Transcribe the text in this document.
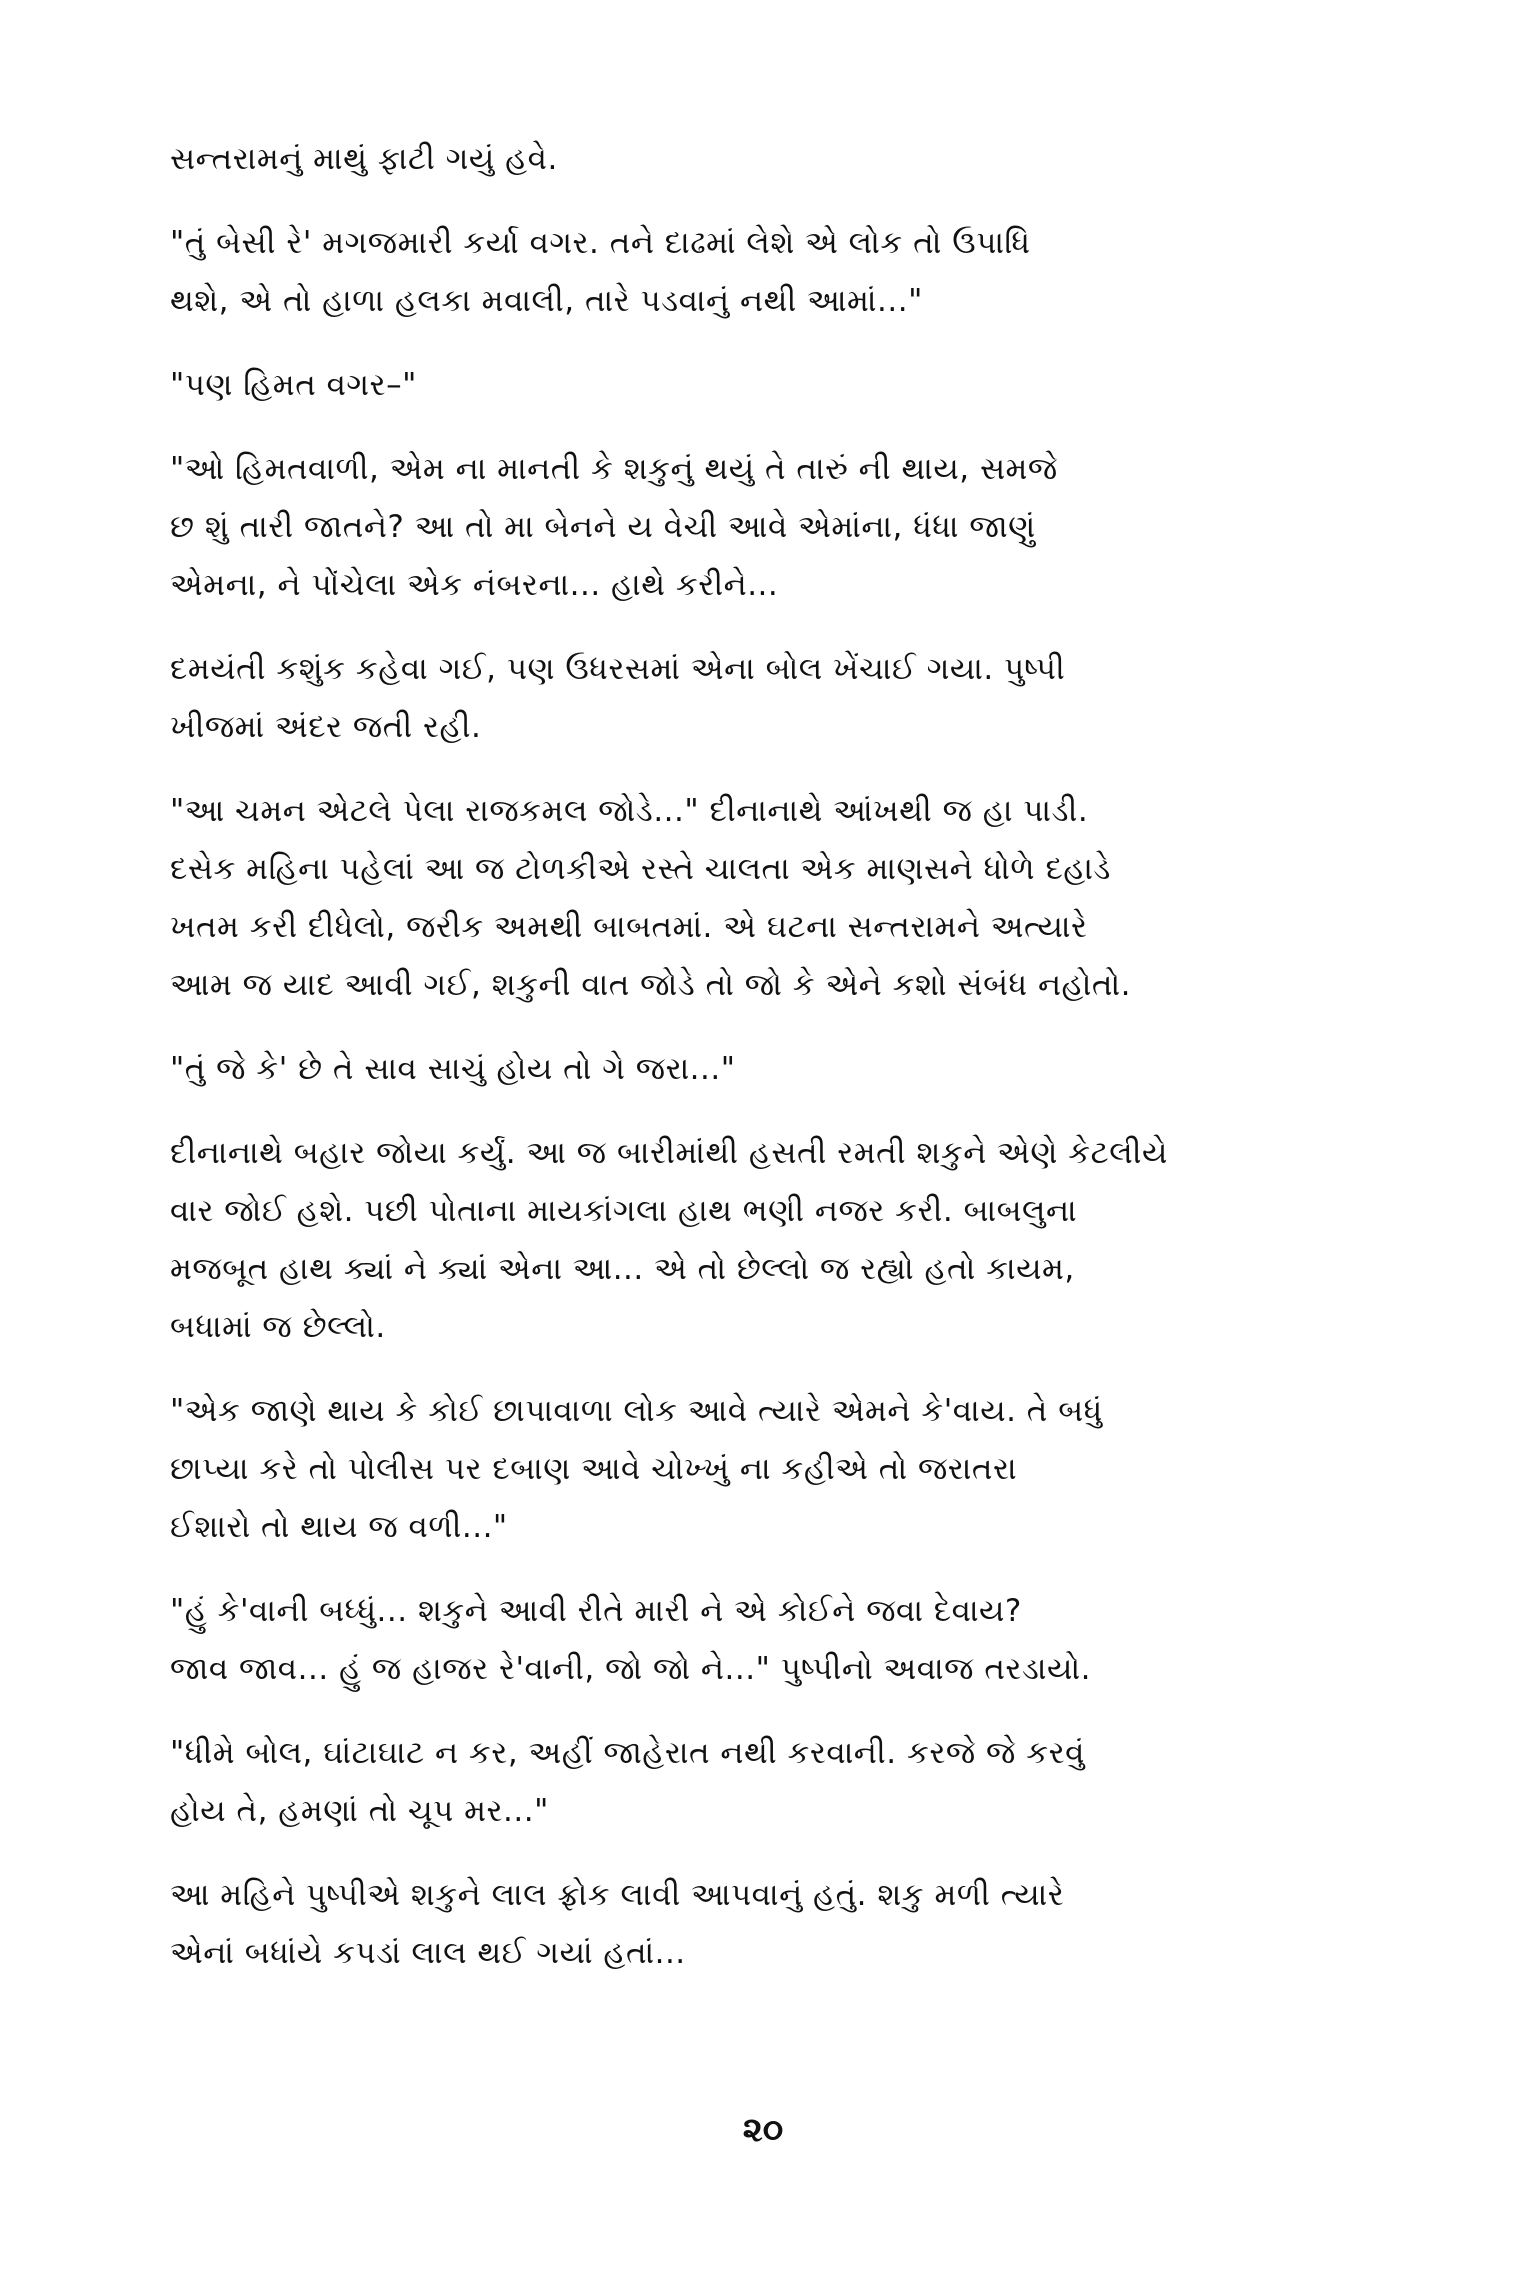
સન્તરામનું માથું ફાટી ગયું હવે.

"તું બેસી રે' મગજમારી કર્યા વગર. તને દાઢમાં લેશે એ લોક તો ઉપાધિ
થશે, એ તો હાળા હલકા મવાલી, તારે પડવાનું નથી આમાં..."

"પણ હિમત વગર–"

"ઓ હિમતવાળી, એમ ના માનતી કે શકુનું થયું તે તારું ની થાય, સમજે
છ શું તારી જાતને? આ તો મા બેનને ય વેચી આવે એમાંના, ધંધા જાણું
એમના, ને પોંચેલા એક નંબરના... હાથે કરીને...

દમયંતી કશુંક કહેવા ગઈ, પણ ઉધરસમાં એના બોલ ખેંચાઈ ગયા. પુષ્પી
ખીજમાં અંદર જતી રહી.

"આ ચમન એટલે પેલા રાજકમલ જોડે..." દીનાનાથે આંખથી જ હા પાડી.
દસેક મહિના પહેલાં આ જ ટોળકીએ રસ્તે ચાલતા એક માણસને ધોળે દહાડે
ખતમ કરી દીધેલો, જરીક અમથી બાબતમાં. એ ઘટના સન્તરામને અત્યારે
આમ જ યાદ આવી ગઈ, શકુની વાત જોડે તો જો કે એને કશો સંબંધ નહોતો.

"તું જે કે' છે તે સાવ સાચું હોય તો ગે જરા..."

દીનાનાથે બહાર જોયા કર્યું. આ જ બારીમાંથી હસતી રમતી શકુને એણે કેટલીયે
વાર જોઈ હશે. પછી પોતાના માયકાંગલા હાથ ભણી નજર કરી. બાબલુના
મજબૂત હાથ ક્યાં ને ક્યાં એના આ... એ તો છેલ્લો જ રહ્યો હતો કાયમ,
બધામાં જ છેલ્લો.

"એક જાણે થાય કે કોઈ છાપાવાળા લોક આવે ત્યારે એમને કે'વાય. તે બધું
છાપ્યા કરે તો પોલીસ પર દબાણ આવે ચોખ્ખું ના કહીએ તો જરાતરા
ઈશારો તો થાય જ વળી..."

"હું કે'વાની બધ્ધું... શકુને આવી રીતે મારી ને એ કોઈને જવા દેવાય?
જાવ જાવ... હું જ હાજર રે'વાની, જો જો ને..." પુષ્પીનો અવાજ તરડાયો.

"ધીમે બોલ, ઘાંટાઘાટ ન કર, અહીં જાહેરાત નથી કરવાની. કરજે જે કરવું
હોય તે, હમણાં તો ચૂપ મર..."

આ મહિને પુષ્પીએ શકુને લાલ ફ્રોક લાવી આપવાનું હતું. શકુ મળી ત્યારે
એનાં બધાંયે કપડાં લાલ થઈ ગયાં હતાં...

૨૦
